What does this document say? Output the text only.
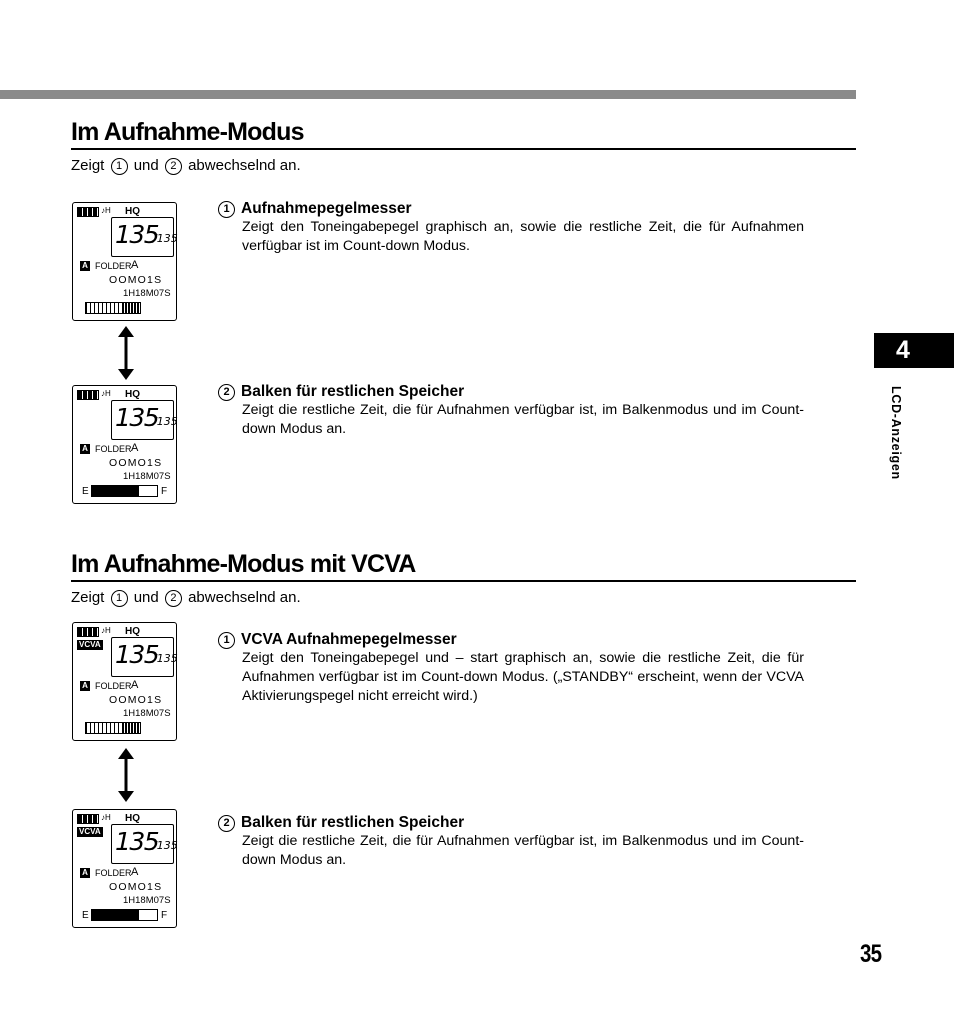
Im Aufnahme-Modus
Zeigt 1 und 2 abwechselnd an.
♪H HQ
135
/135
A FOLDER A
OOMO1S
1H18M07S
♪H HQ
135
/135
A FOLDER A
OOMO1S
1H18M07S
E	F
1 Aufnahmepegelmesser
Zeigt den Toneingabepegel graphisch an, sowie die restliche Zeit, die für Aufnahmen verfügbar ist im Count-down Modus.
2 Balken für restlichen Speicher
Zeigt die restliche Zeit, die für Aufnahmen verfügbar ist, im Balkenmodus und im Count-down Modus an.
Im Aufnahme-Modus mit VCVA
Zeigt 1 und 2 abwechselnd an.
♪H HQ
VCVA 135
/135
A FOLDER A
OOMO1S
1H18M07S
♪H HQ
VCVA 135
/135
A FOLDER A
OOMO1S
1H18M07S
E	F
1 VCVA Aufnahmepegelmesser
Zeigt den Toneingabepegel und – start graphisch an, sowie die restliche Zeit, die für Aufnahmen verfügbar ist im Count-down Modus. („STANDBY“ erscheint, wenn der VCVA Aktivierungspegel nicht erreicht wird.)
2 Balken für restlichen Speicher
Zeigt die restliche Zeit, die für Aufnahmen verfügbar ist, im Balkenmodus und im Count-down Modus an.
4
LCD-Anzeigen
35
